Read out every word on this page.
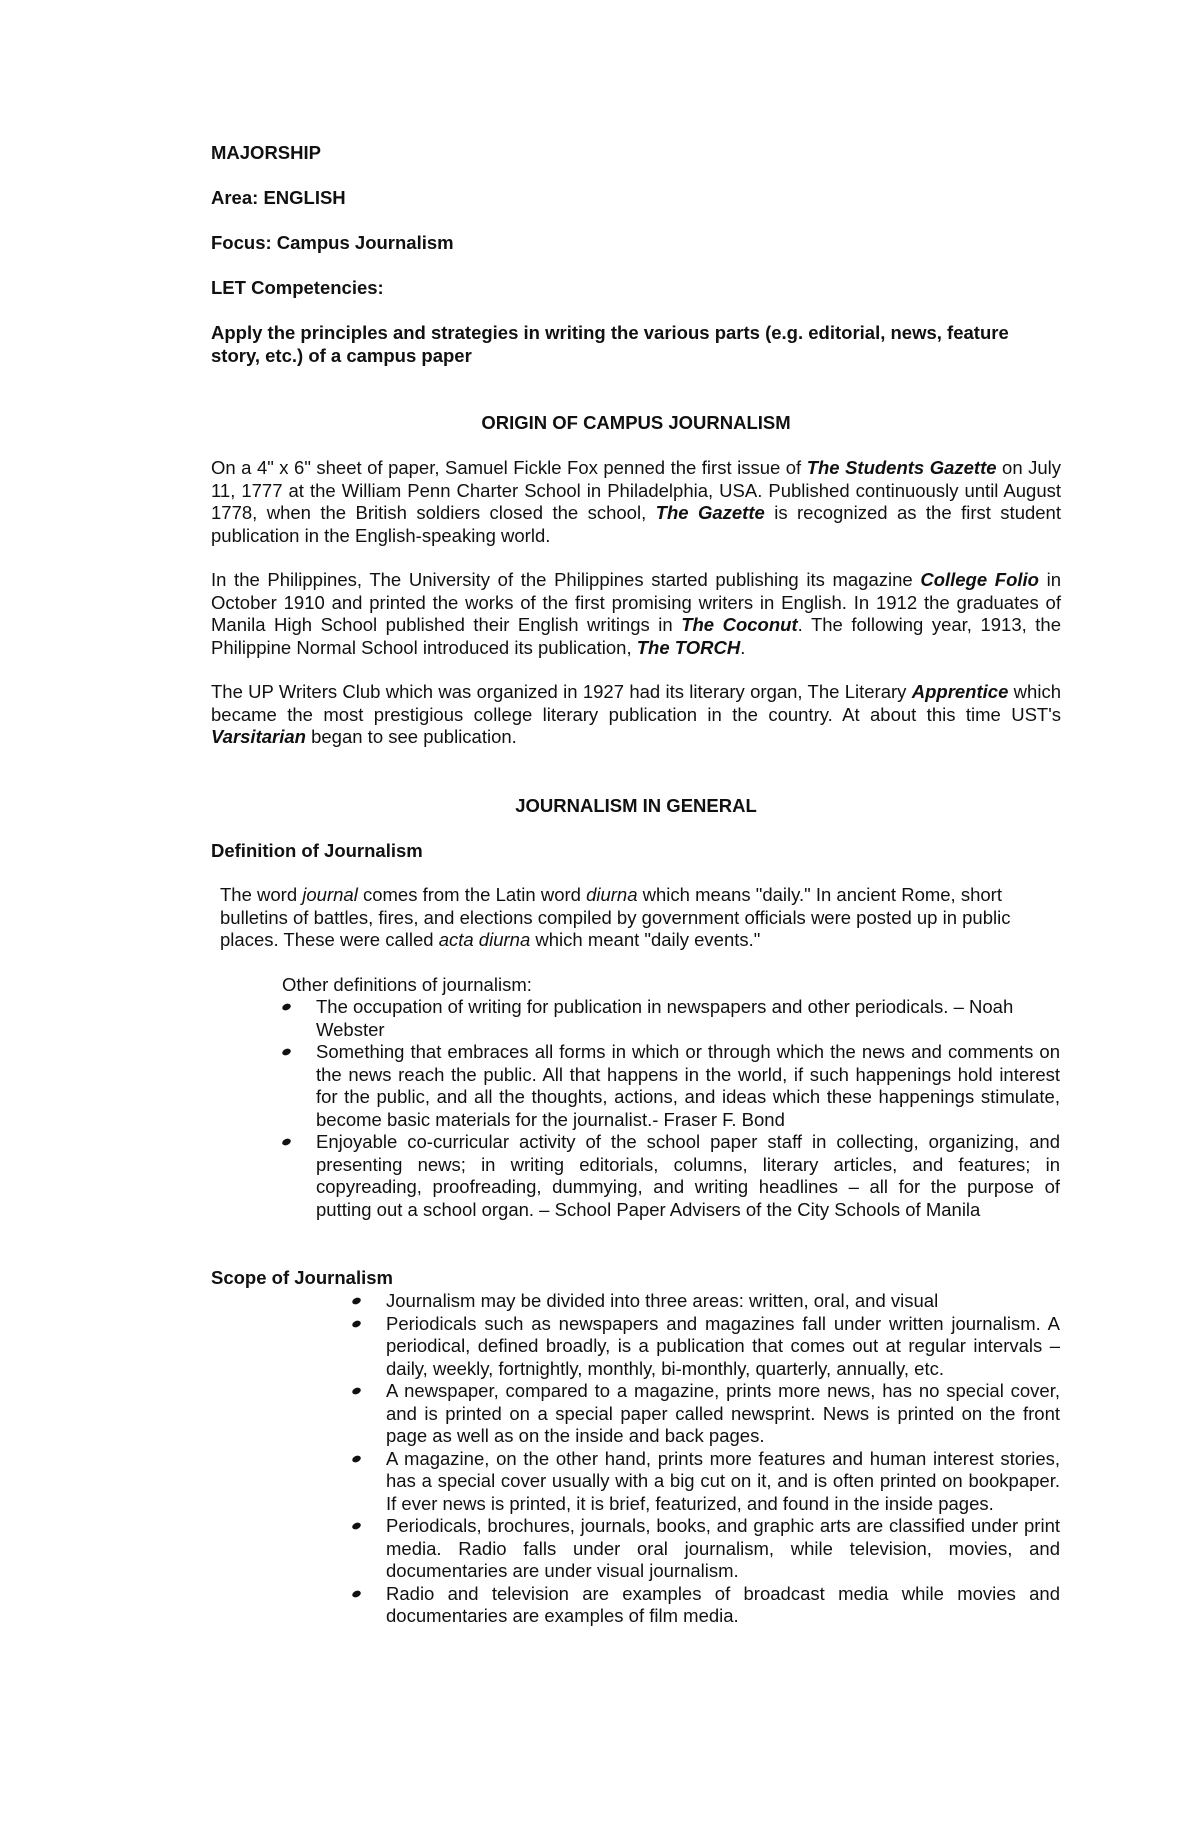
MAJORSHIP

Area: ENGLISH

Focus: Campus Journalism

LET Competencies:

Apply the principles and strategies in writing the various parts (e.g. editorial, news, feature story, etc.) of a campus paper

ORIGIN OF CAMPUS JOURNALISM

On a 4" x 6" sheet of paper, Samuel Fickle Fox penned the first issue of The Students Gazette on July 11, 1777 at the William Penn Charter School in Philadelphia, USA. Published continuously until August 1778, when the British soldiers closed the school, The Gazette is recognized as the first student publication in the English-speaking world.

In the Philippines, The University of the Philippines started publishing its magazine College Folio in October 1910 and printed the works of the first promising writers in English. In 1912 the graduates of Manila High School published their English writings in The Coconut. The following year, 1913, the Philippine Normal School introduced its publication, The TORCH.

The UP Writers Club which was organized in 1927 had its literary organ, The Literary Apprentice which became the most prestigious college literary publication in the country. At about this time UST's Varsitarian began to see publication.

JOURNALISM IN GENERAL

Definition of Journalism

The word journal comes from the Latin word diurna which means "daily." In ancient Rome, short bulletins of battles, fires, and elections compiled by government officials were posted up in public places. These were called acta diurna which meant "daily events."

Other definitions of journalism:

The occupation of writing for publication in newspapers and other periodicals. – Noah Webster
Something that embraces all forms in which or through which the news and comments on the news reach the public. All that happens in the world, if such happenings hold interest for the public, and all the thoughts, actions, and ideas which these happenings stimulate, become basic materials for the journalist.- Fraser F. Bond
Enjoyable co-curricular activity of the school paper staff in collecting, organizing, and presenting news; in writing editorials, columns, literary articles, and features; in copyreading, proofreading, dummying, and writing headlines – all for the purpose of putting out a school organ. – School Paper Advisers of the City Schools of Manila

Scope of Journalism

Journalism may be divided into three areas: written, oral, and visual
Periodicals such as newspapers and magazines fall under written journalism. A periodical, defined broadly, is a publication that comes out at regular intervals – daily, weekly, fortnightly, monthly, bi-monthly, quarterly, annually, etc.
A newspaper, compared to a magazine, prints more news, has no special cover, and is printed on a special paper called newsprint. News is printed on the front page as well as on the inside and back pages.
A magazine, on the other hand, prints more features and human interest stories, has a special cover usually with a big cut on it, and is often printed on bookpaper. If ever news is printed, it is brief, featurized, and found in the inside pages.
Periodicals, brochures, journals, books, and graphic arts are classified under print media. Radio falls under oral journalism, while television, movies, and documentaries are under visual journalism.
Radio and television are examples of broadcast media while movies and documentaries are examples of film media.
